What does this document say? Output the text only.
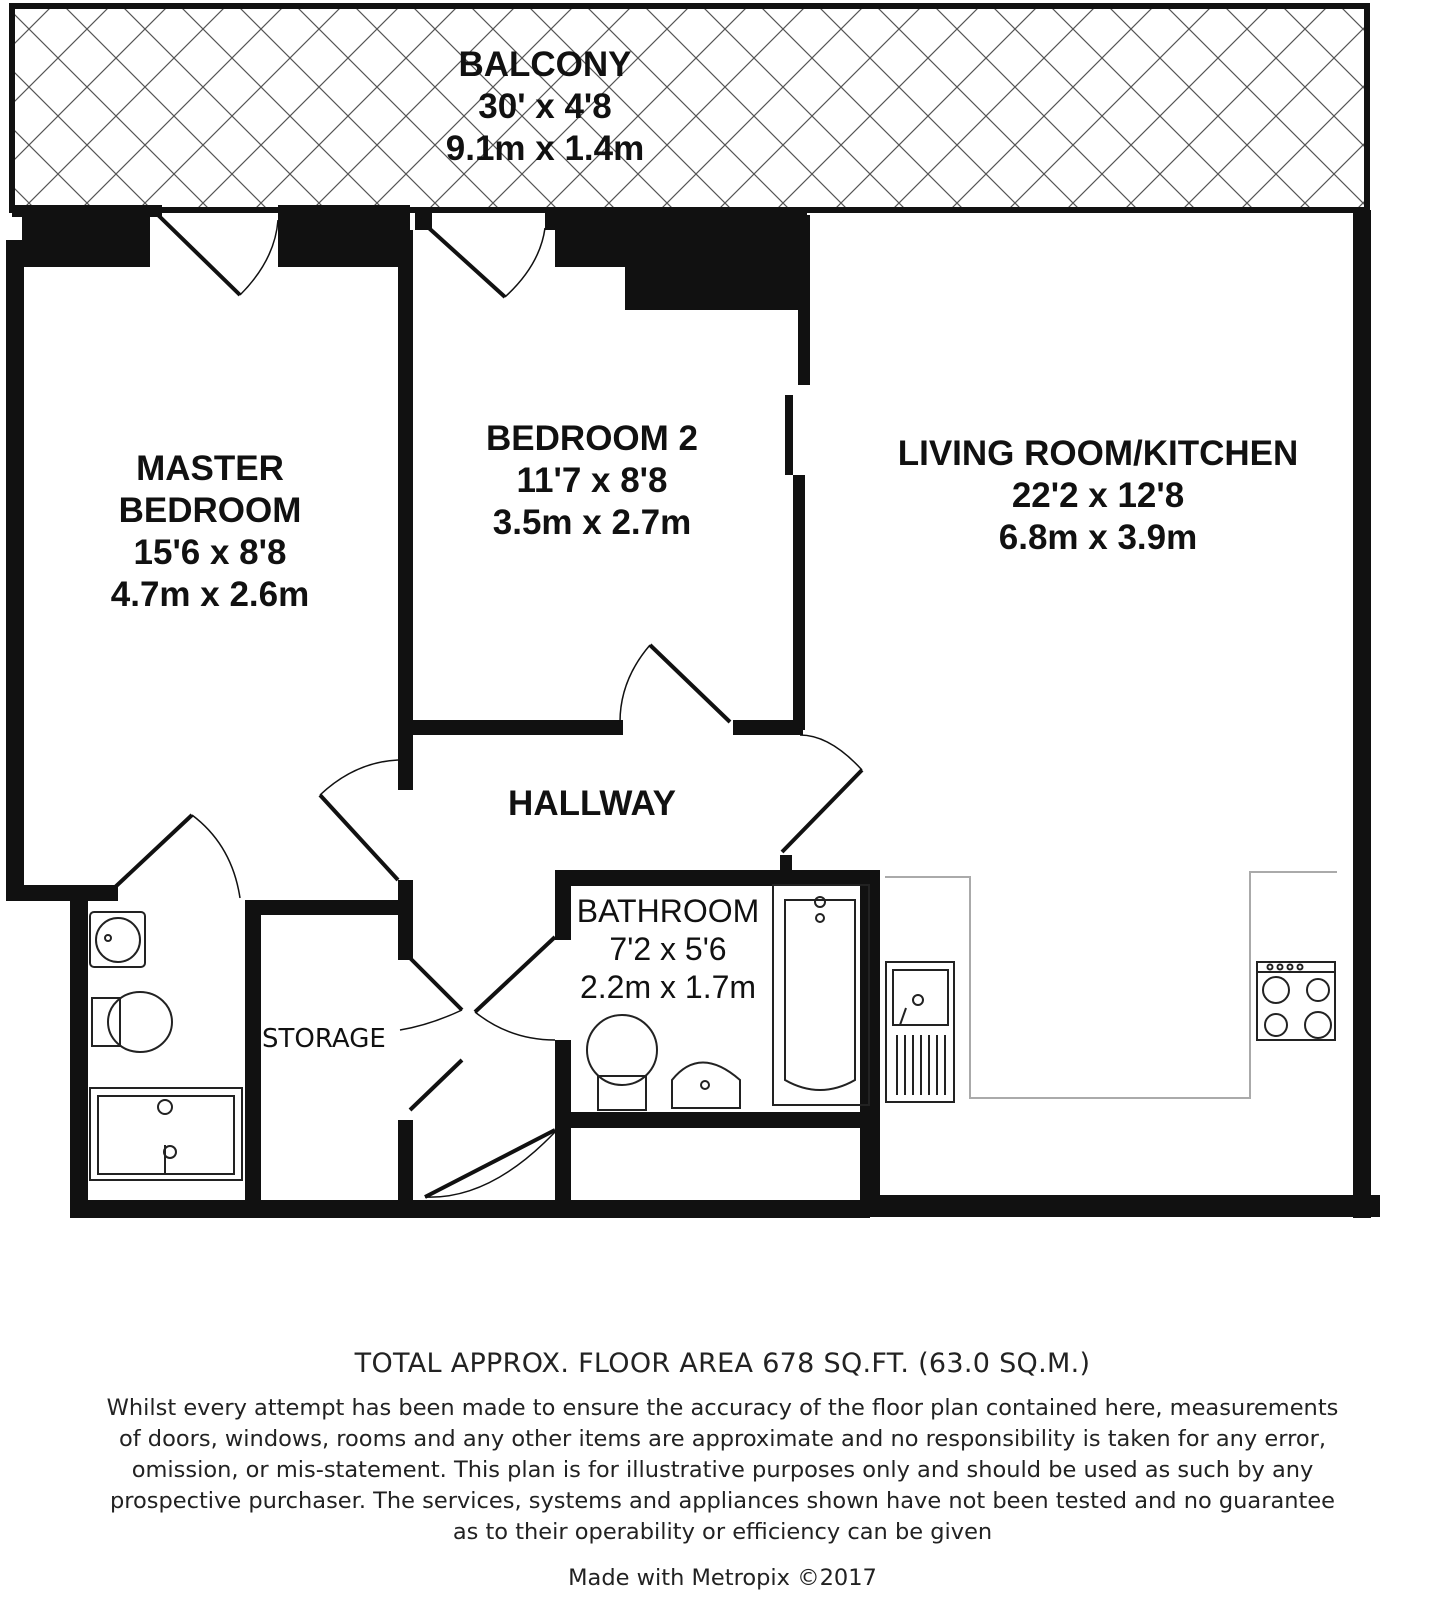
BALCONY
30' x 4'8
9.1m x 1.4m
MASTER
BEDROOM
15'6 x 8'8
4.7m x 2.6m
BEDROOM 2
11'7 x 8'8
3.5m x 2.7m
LIVING ROOM/KITCHEN
22'2 x 12'8
6.8m x 3.9m
HALLWAY
BATHROOM
7'2 x 5'6
2.2m x 1.7m
STORAGE
TOTAL APPROX. FLOOR AREA 678 SQ.FT. (63.0 SQ.M.)
Whilst every attempt has been made to ensure the accuracy of the floor plan contained here, measurements
of doors, windows, rooms and any other items are approximate and no responsibility is taken for any error,
omission, or mis-statement. This plan is for illustrative purposes only and should be used as such by any
prospective purchaser. The services, systems and appliances shown have not been tested and no guarantee
as to their operability or efficiency can be given
Made with Metropix ©2017
